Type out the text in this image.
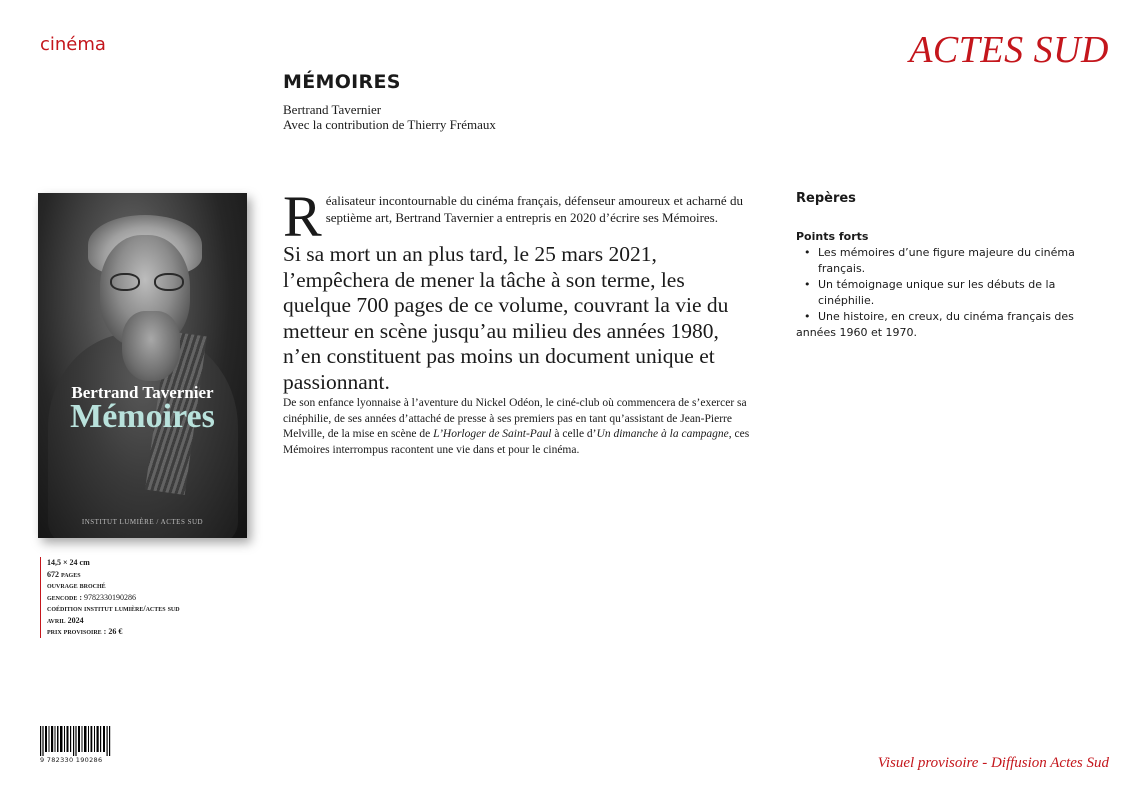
cinéma	ACTES SUD
MÉMOIRES
Bertrand Tavernier
Avec la contribution de Thierry Frémaux
Bertrand Tavernier
Mémoires
INSTITUT LUMIÈRE / ACTES SUD
14,5 × 24 cm
672 pages
ouvrage broché
gencode : 9782330190286
coédition institut lumière/actes sud
avril 2024
prix provisoire : 26 €
9 782330 190286
Réalisateur incontournable du cinéma français, défenseur amoureux et acharné du septième art, Bertrand Tavernier a entrepris en 2020 d’écrire ses Mémoires.
Si sa mort un an plus tard, le 25 mars 2021, l’empêchera de mener la tâche à son terme, les quelque 700 pages de ce volume, couvrant la vie du metteur en scène jusqu’au milieu des années 1980, n’en constituent pas moins un document unique et passionnant.
De son enfance lyonnaise à l’aventure du Nickel Odéon, le ciné-club où commencera de s’exercer sa cinéphilie, de ses années d’attaché de presse à ses premiers pas en tant qu’assistant de Jean-Pierre Melville, de la mise en scène de L’Horloger de Saint-Paul à celle d’Un dimanche à la campagne, ces Mémoires interrompus racontent une vie dans et pour le cinéma.
Repères
Points forts
• Les mémoires d’une figure majeure du cinéma français.
• Un témoignage unique sur les débuts de la cinéphilie.
• Une histoire, en creux, du cinéma français des années 1960 et 1970.
Visuel provisoire - Diffusion Actes Sud
